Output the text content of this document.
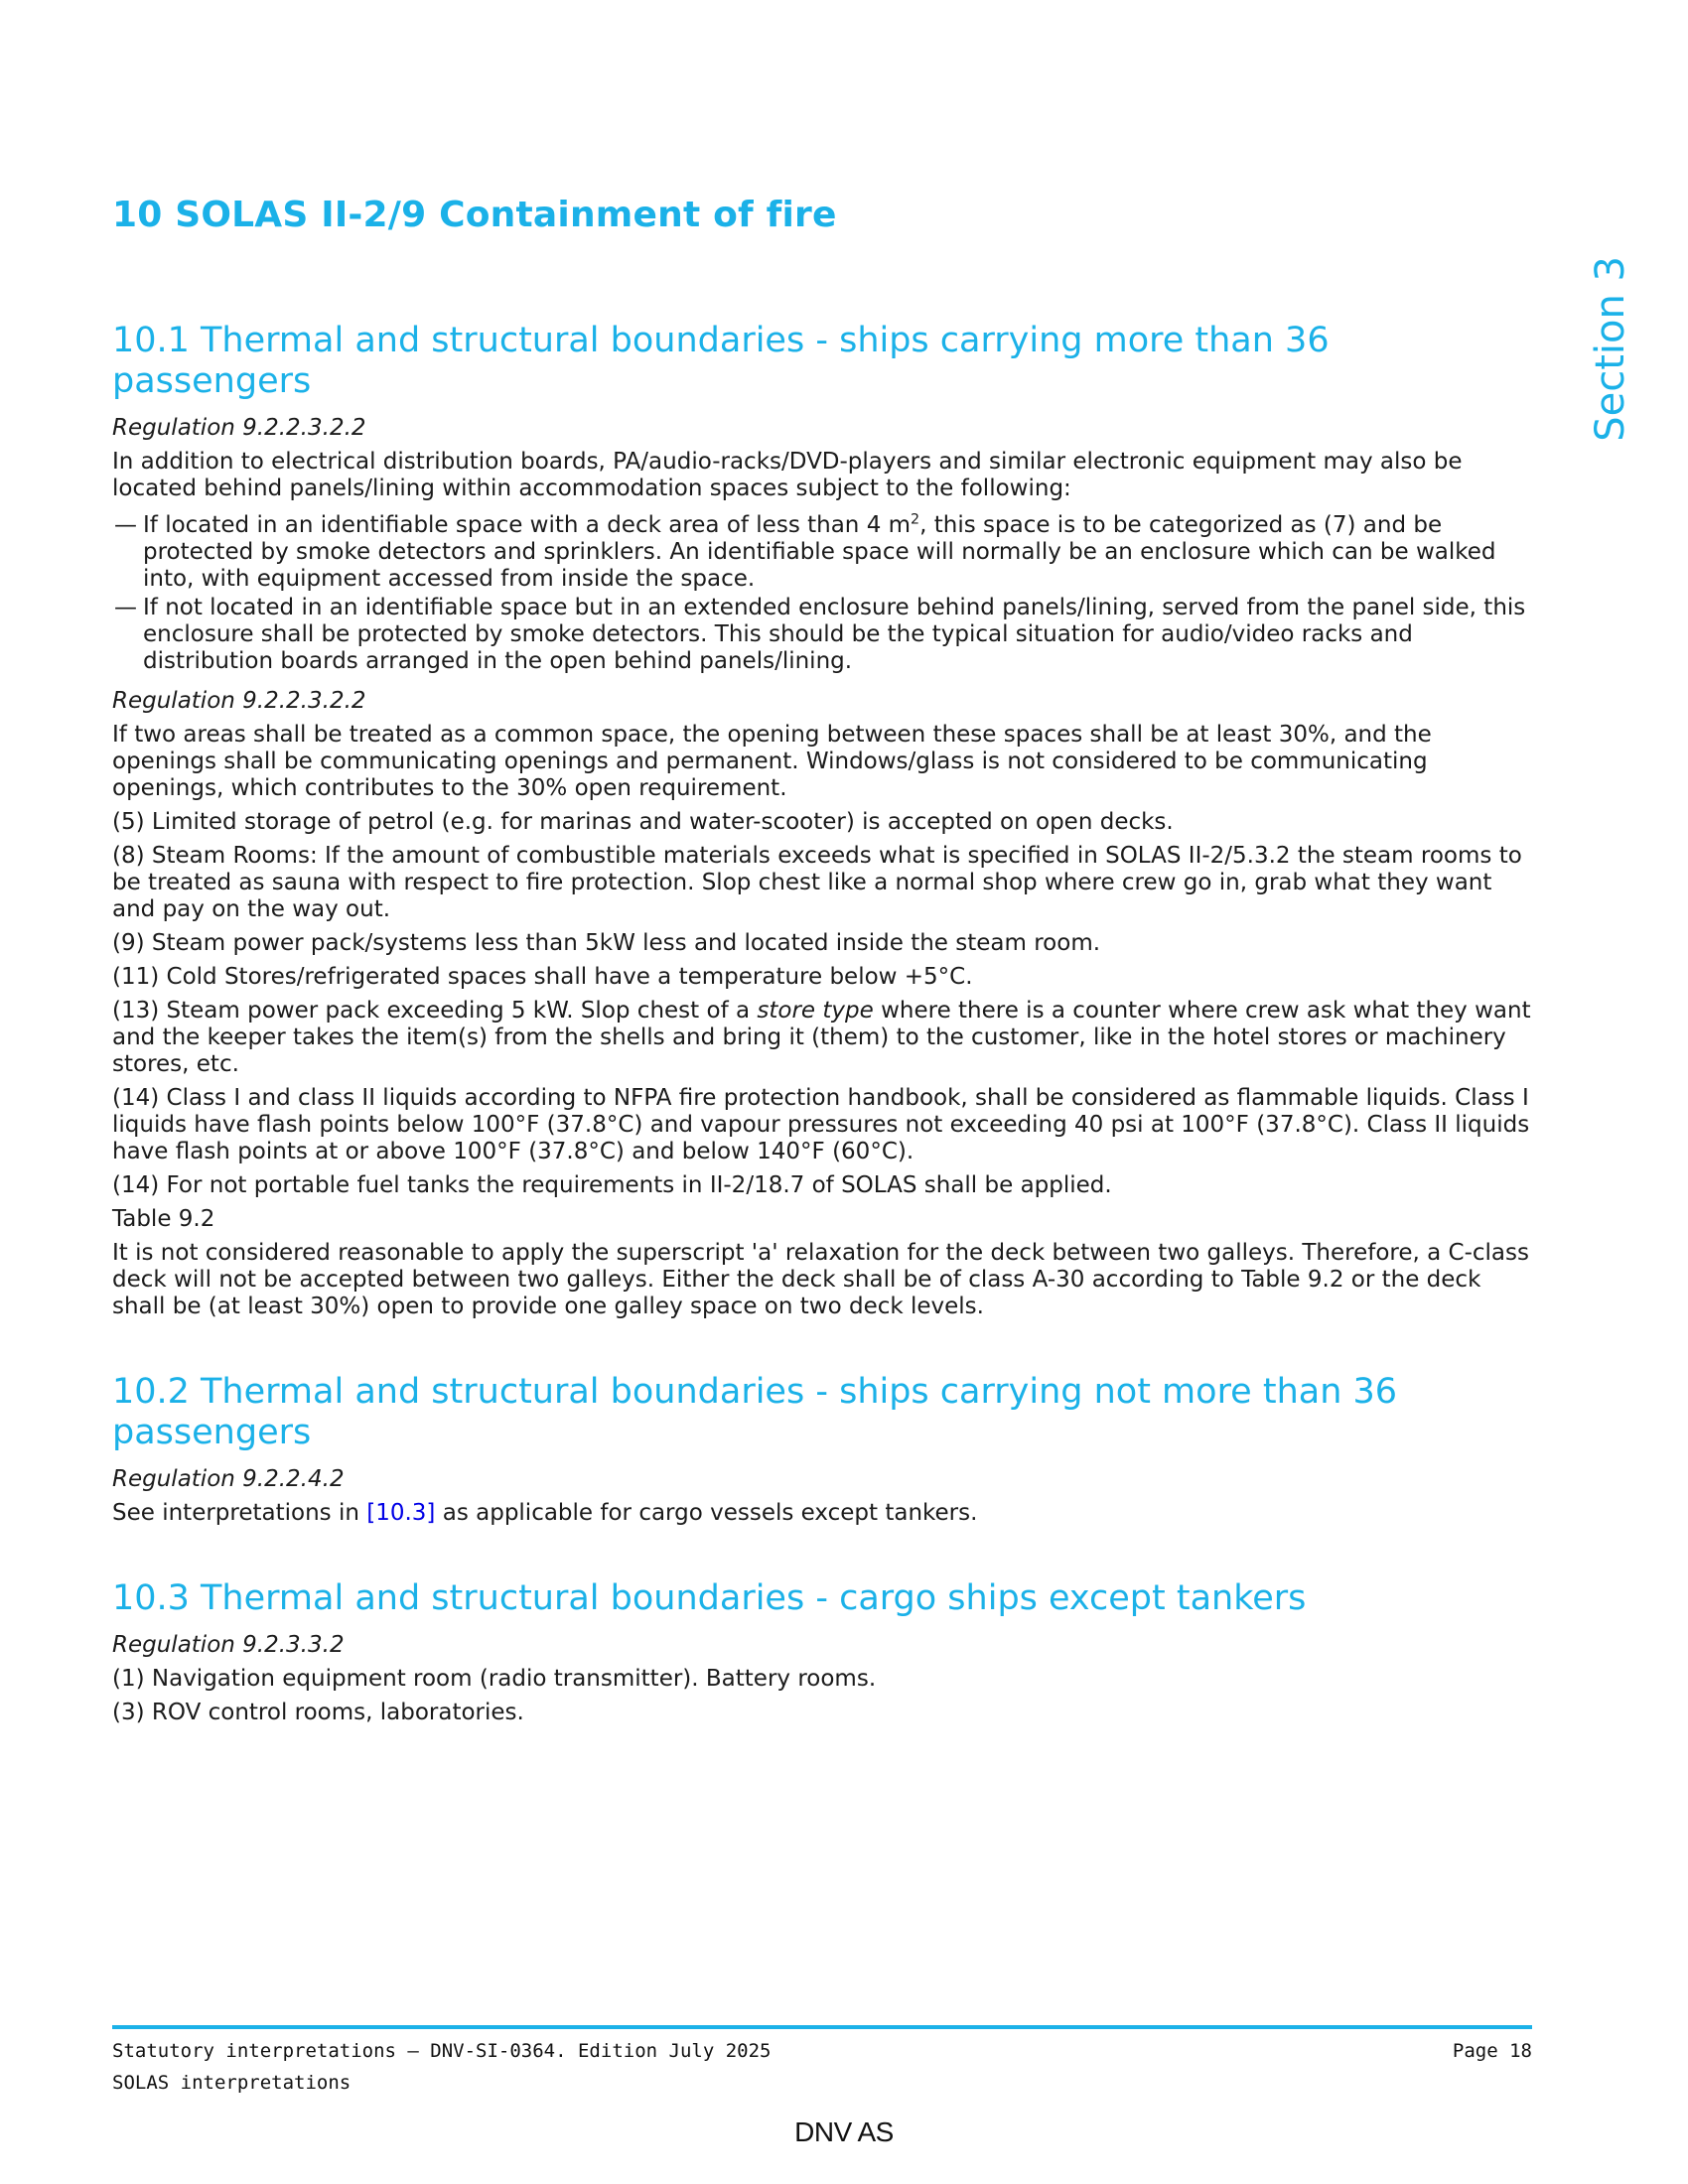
Section 3
10 SOLAS II-2/9 Containment of fire
10.1 Thermal and structural boundaries - ships carrying more than 36 passengers

Regulation 9.2.2.3.2.2

In addition to electrical distribution boards, PA/audio-racks/DVD-players and similar electronic equipment may also be located behind panels/lining within accommodation spaces subject to the following:

— If located in an identifiable space with a deck area of less than 4 $m^2$, this space is to be categorized as (7) and be protected by smoke detectors and sprinklers. An identifiable space will normally be an enclosure which can be walked into, with equipment accessed from inside the space.
— If not located in an identifiable space but in an extended enclosure behind panels/lining, served from the panel side, this enclosure shall be protected by smoke detectors. This should be the typical situation for audio/video racks and distribution boards arranged in the open behind panels/lining.

Regulation 9.2.2.3.2.2

If two areas shall be treated as a common space, the opening between these spaces shall be at least 30%, and the openings shall be communicating openings and permanent. Windows/glass is not considered to be communicating openings, which contributes to the 30% open requirement.

(5) Limited storage of petrol (e.g. for marinas and water-scooter) is accepted on open decks.

(8) Steam Rooms: If the amount of combustible materials exceeds what is specified in SOLAS II-2/5.3.2 the steam rooms to be treated as sauna with respect to fire protection. Slop chest like a normal shop where crew go in, grab what they want and pay on the way out.

(9) Steam power pack/systems less than 5kW less and located inside the steam room.

(11) Cold Stores/refrigerated spaces shall have a temperature below +5°C.

(13) Steam power pack exceeding 5 kW. Slop chest of a store type where there is a counter where crew ask what they want and the keeper takes the item(s) from the shells and bring it (them) to the customer, like in the hotel stores or machinery stores, etc.

(14) Class I and class II liquids according to NFPA fire protection handbook, shall be considered as flammable liquids. Class I liquids have flash points below 100°F (37.8°C) and vapour pressures not exceeding 40 psi at 100°F (37.8°C). Class II liquids have flash points at or above 100°F (37.8°C) and below 140°F (60°C).

(14) For not portable fuel tanks the requirements in II-2/18.7 of SOLAS shall be applied.

Table 9.2

It is not considered reasonable to apply the superscript 'a' relaxation for the deck between two galleys. Therefore, a C-class deck will not be accepted between two galleys. Either the deck shall be of class A-30 according to Table 9.2 or the deck shall be (at least 30%) open to provide one galley space on two deck levels.

10.2 Thermal and structural boundaries - ships carrying not more than 36 passengers

Regulation 9.2.2.4.2

See interpretations in [10.3] as applicable for cargo vessels except tankers.

10.3 Thermal and structural boundaries - cargo ships except tankers

Regulation 9.2.3.3.2

(1) Navigation equipment room (radio transmitter). Battery rooms.

(3) ROV control rooms, laboratories.

Statutory interpretations — DNV-SI-0364. Edition July 2025
SOLAS interpretations
Page 18
DNV AS
